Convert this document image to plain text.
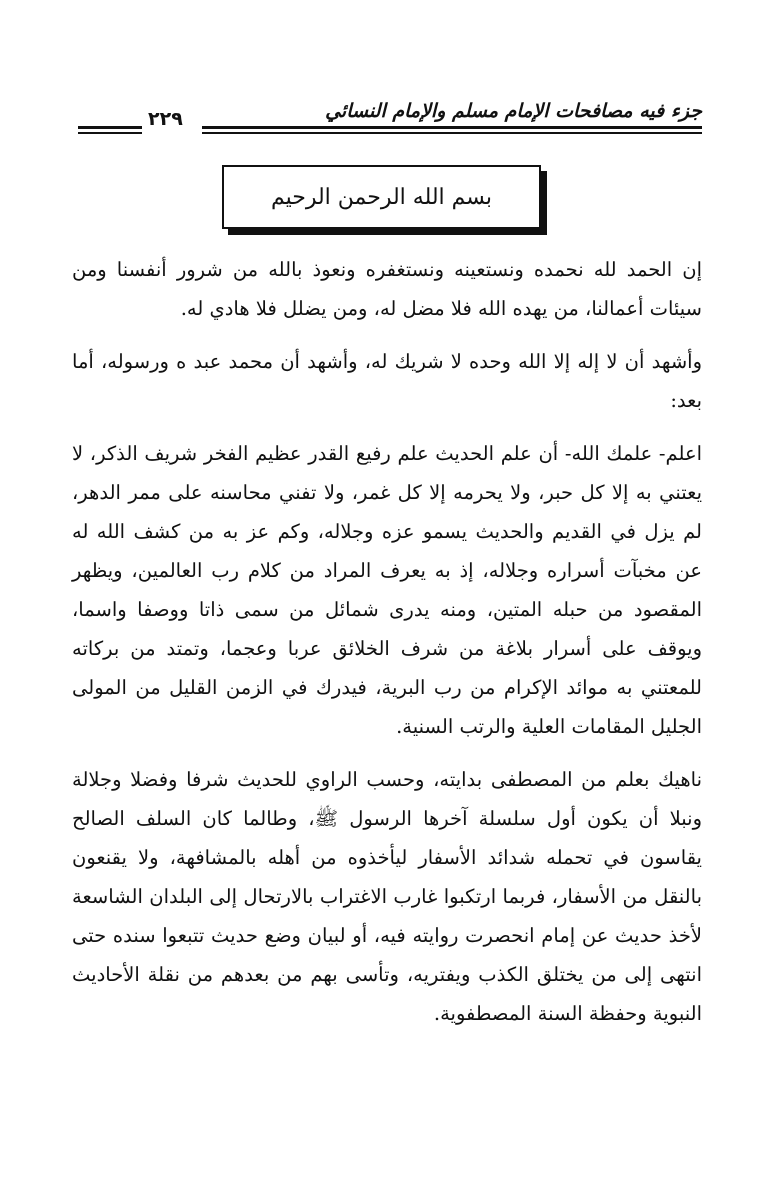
جزء فيه مصافحات الإمام مسلم والإمام النسائي
٢٢٩
بسم الله الرحمن الرحيم

إن الحمد لله نحمده ونستعينه ونستغفره ونعوذ بالله من شرور أنفسنا ومن سيئات أعمالنا، من يهده الله فلا مضل له، ومن يضلل فلا هادي له.

وأشهد أن لا إله إلا الله وحده لا شريك له، وأشهد أن محمد عبد ه ورسوله، أما بعد:

اعلم- علمك الله- أن علم الحديث علم رفيع القدر عظيم الفخر شريف الذكر، لا يعتني به إلا كل حبر، ولا يحرمه إلا كل غمر، ولا تفني محاسنه على ممر الدهر، لم يزل في القديم والحديث يسمو عزه وجلاله، وكم عز به من كشف الله له عن مخبآت أسراره وجلاله، إذ به يعرف المراد من كلام رب العالمين، ويظهر المقصود من حبله المتين، ومنه يدرى شمائل من سمى ذاتا ووصفا واسما، ويوقف على أسرار بلاغة من شرف الخلائق عربا وعجما، وتمتد من بركاته للمعتني به موائد الإكرام من رب البرية، فيدرك في الزمن القليل من المولى الجليل المقامات العلية والرتب السنية.

ناهيك بعلم من المصطفى بدايته، وحسب الراوي للحديث شرفا وفضلا وجلالة ونبلا أن يكون أول سلسلة آخرها الرسول ﷺ، وطالما كان السلف الصالح يقاسون في تحمله شدائد الأسفار ليأخذوه من أهله بالمشافهة، ولا يقنعون بالنقل من الأسفار، فربما ارتكبوا غارب الاغتراب بالارتحال إلى البلدان الشاسعة لأخذ حديث عن إمام انحصرت روايته فيه، أو لبيان وضع حديث تتبعوا سنده حتى انتهى إلى من يختلق الكذب ويفتريه، وتأسى بهم من بعدهم من نقلة الأحاديث النبوية وحفظة السنة المصطفوية.
